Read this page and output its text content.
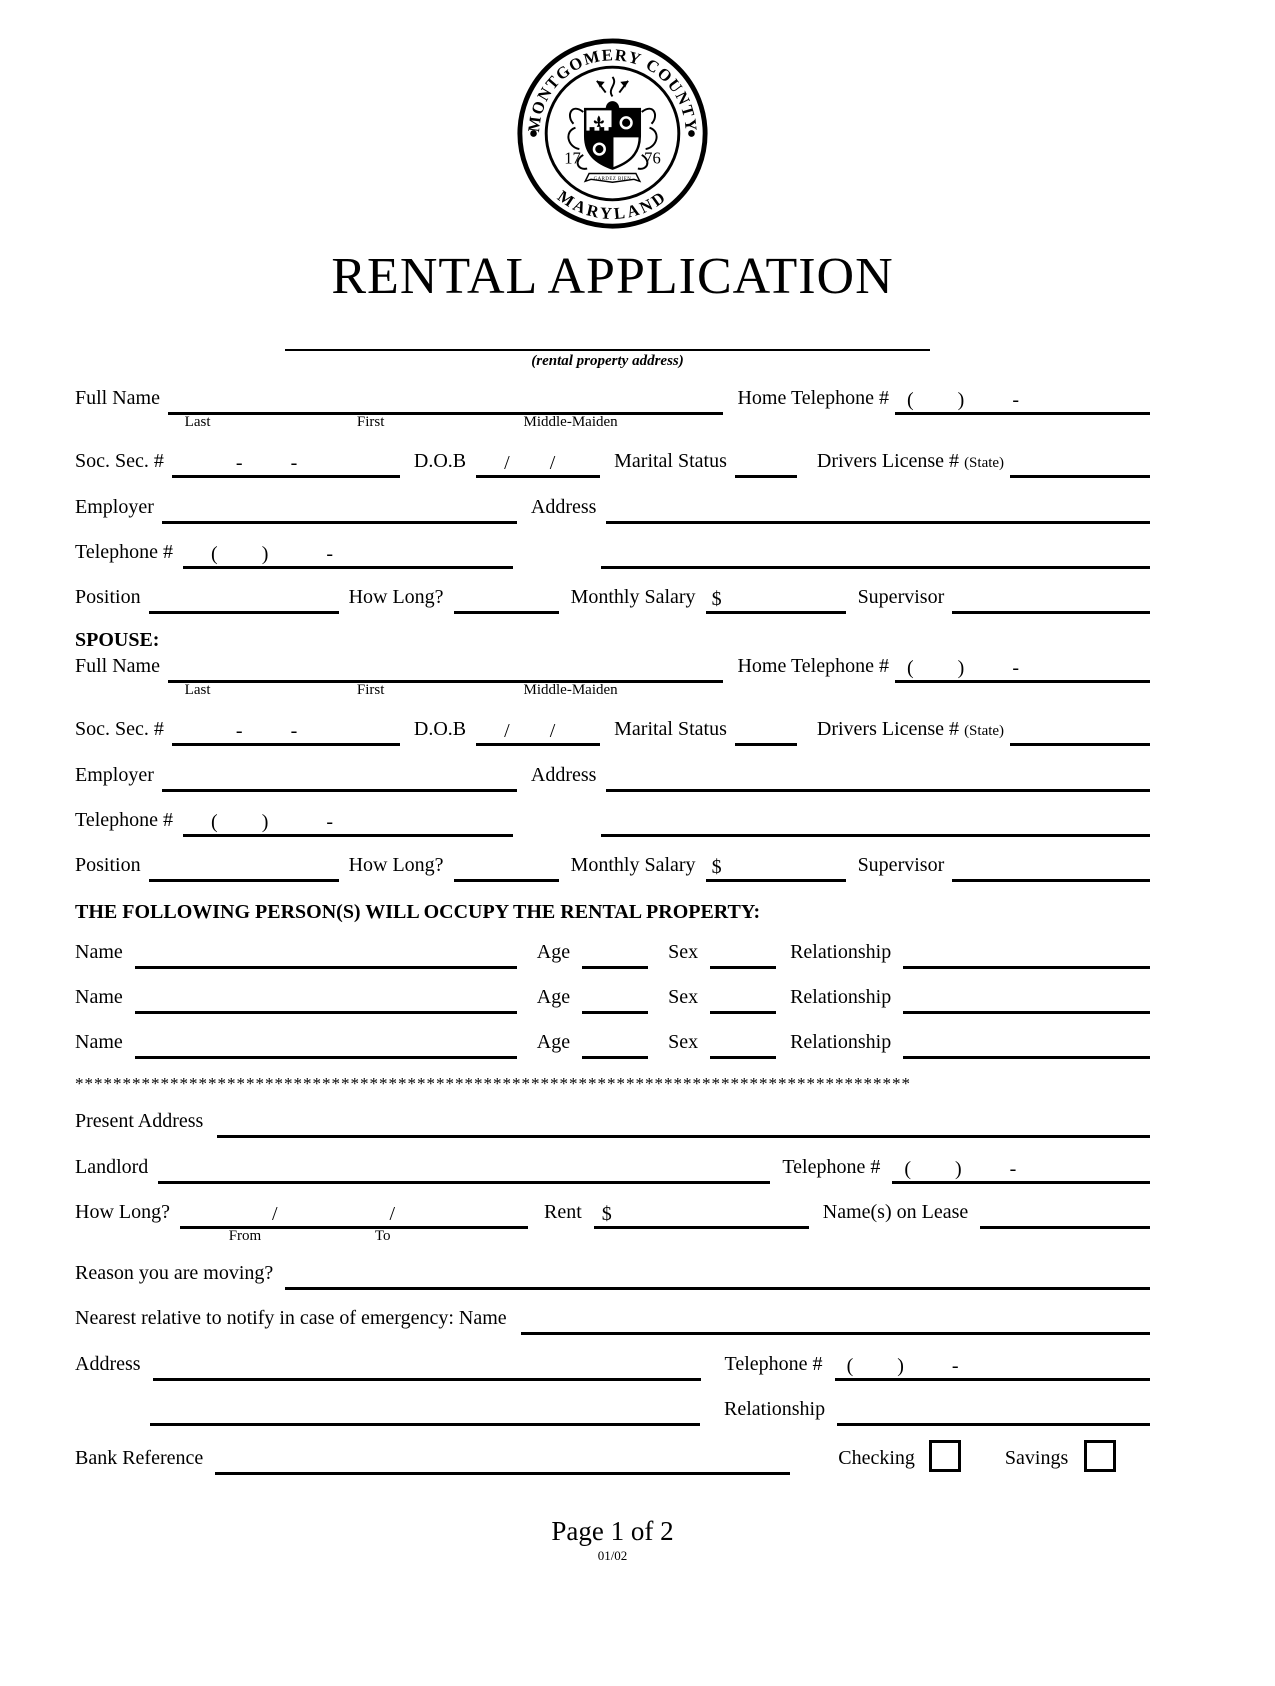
MONTGOMERY COUNTY
MARYLAND
GARDEZ BIEN
17	76
RENTAL APPLICATION
(rental property address)
Full Name
Last	First	Middle-Maiden
Home Telephone # ( ) -
Soc. Sec. #	- -	D.O.B / /	Marital Status	Drivers License # (State)
Employer	Address
Telephone # ( )	-
Position	How Long?	Monthly Salary $	Supervisor
SPOUSE:
Full Name
Last	First	Middle-Maiden
Home Telephone # ( ) -
Soc. Sec. #	- -	D.O.B / /	Marital Status	Drivers License # (State)
Employer	Address
Telephone # ( )	-
Position	How Long?	Monthly Salary $	Supervisor
THE FOLLOWING PERSON(S) WILL OCCUPY THE RENTAL PROPERTY:
Name	Age	Sex	Relationship
Name	Age	Sex	Relationship
Name	Age	Sex	Relationship
****************************************************************************************
Present Address
Landlord	Telephone # ( ) -
How Long?	/	/
From	To
Rent $	Name(s) on Lease
Reason you are moving?
Nearest relative to notify in case of emergency: Name
Address	Telephone # ( ) -
Relationship
Bank Reference	Checking	Savings
Page 1 of 2
01/02
